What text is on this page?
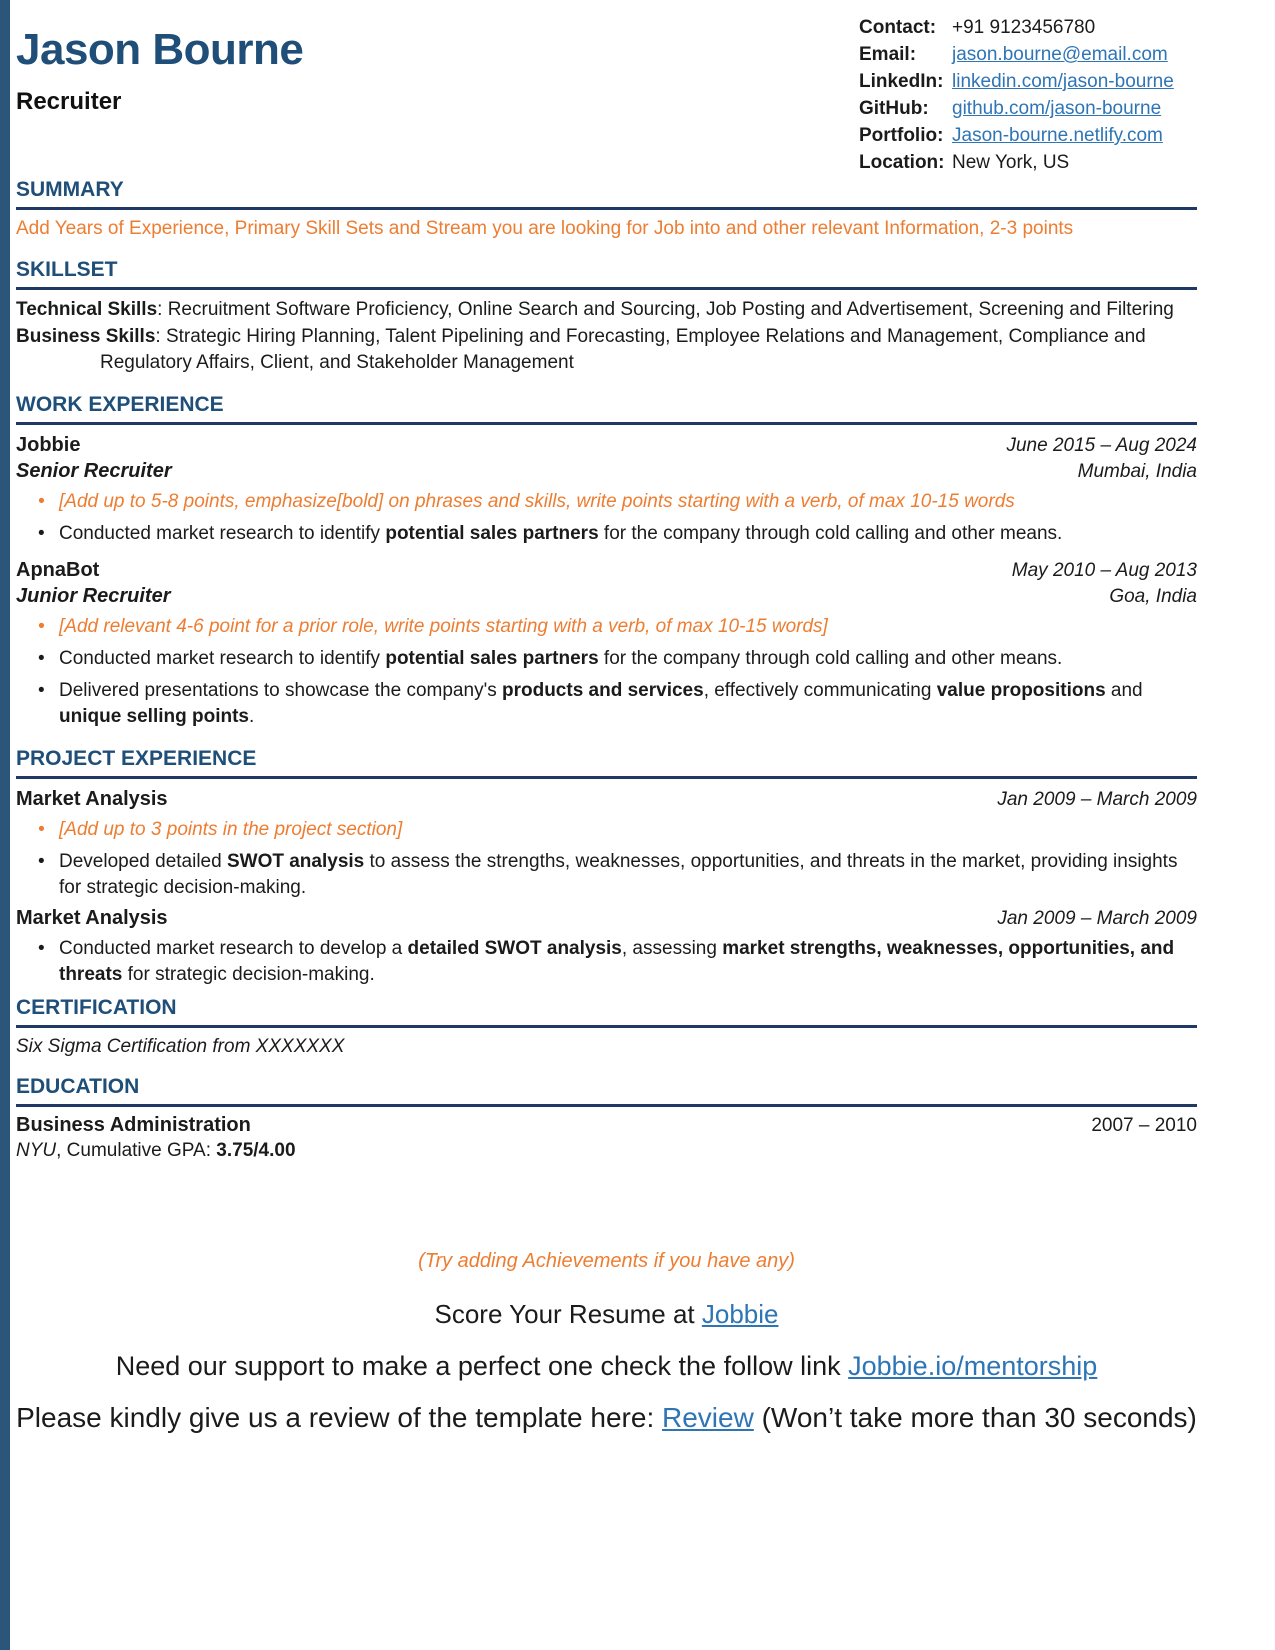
Jason Bourne
Recruiter
Contact: +91 9123456780
Email:	jason.bourne@email.com
LinkedIn: linkedin.com/jason-bourne
GitHub:	github.com/jason-bourne
Portfolio: Jason-bourne.netlify.com
Location: New York, US
SUMMARY
Add Years of Experience, Primary Skill Sets and Stream you are looking for Job into and other relevant Information, 2-3 points
SKILLSET
Technical Skills: Recruitment Software Proficiency, Online Search and Sourcing, Job Posting and Advertisement, Screening and Filtering
Business Skills: Strategic Hiring Planning, Talent Pipelining and Forecasting, Employee Relations and Management, Compliance and Regulatory Affairs, Client, and Stakeholder Management
WORK EXPERIENCE
Jobbie	June 2015 – Aug 2024
Senior Recruiter	Mumbai, India
• [Add up to 5-8 points, emphasize[bold] on phrases and skills, write points starting with a verb, of max 10-15 words
• Conducted market research to identify potential sales partners for the company through cold calling and other means.
ApnaBot	May 2010 – Aug 2013
Junior Recruiter	Goa, India
• [Add relevant 4-6 point for a prior role, write points starting with a verb, of max 10-15 words]
• Conducted market research to identify potential sales partners for the company through cold calling and other means.
• Delivered presentations to showcase the company's products and services, effectively communicating value propositions and unique selling points.
PROJECT EXPERIENCE
Market Analysis	Jan 2009 – March 2009
• [Add up to 3 points in the project section]
• Developed detailed SWOT analysis to assess the strengths, weaknesses, opportunities, and threats in the market, providing insights for strategic decision-making.
Market Analysis	Jan 2009 – March 2009
• Conducted market research to develop a detailed SWOT analysis, assessing market strengths, weaknesses, opportunities, and threats for strategic decision-making.
CERTIFICATION
Six Sigma Certification from XXXXXXX
EDUCATION
Business Administration	2007 – 2010
NYU, Cumulative GPA: 3.75/4.00
(Try adding Achievements if you have any)
Score Your Resume at Jobbie
Need our support to make a perfect one check the follow link Jobbie.io/mentorship
Please kindly give us a review of the template here: Review (Won’t take more than 30 seconds)
